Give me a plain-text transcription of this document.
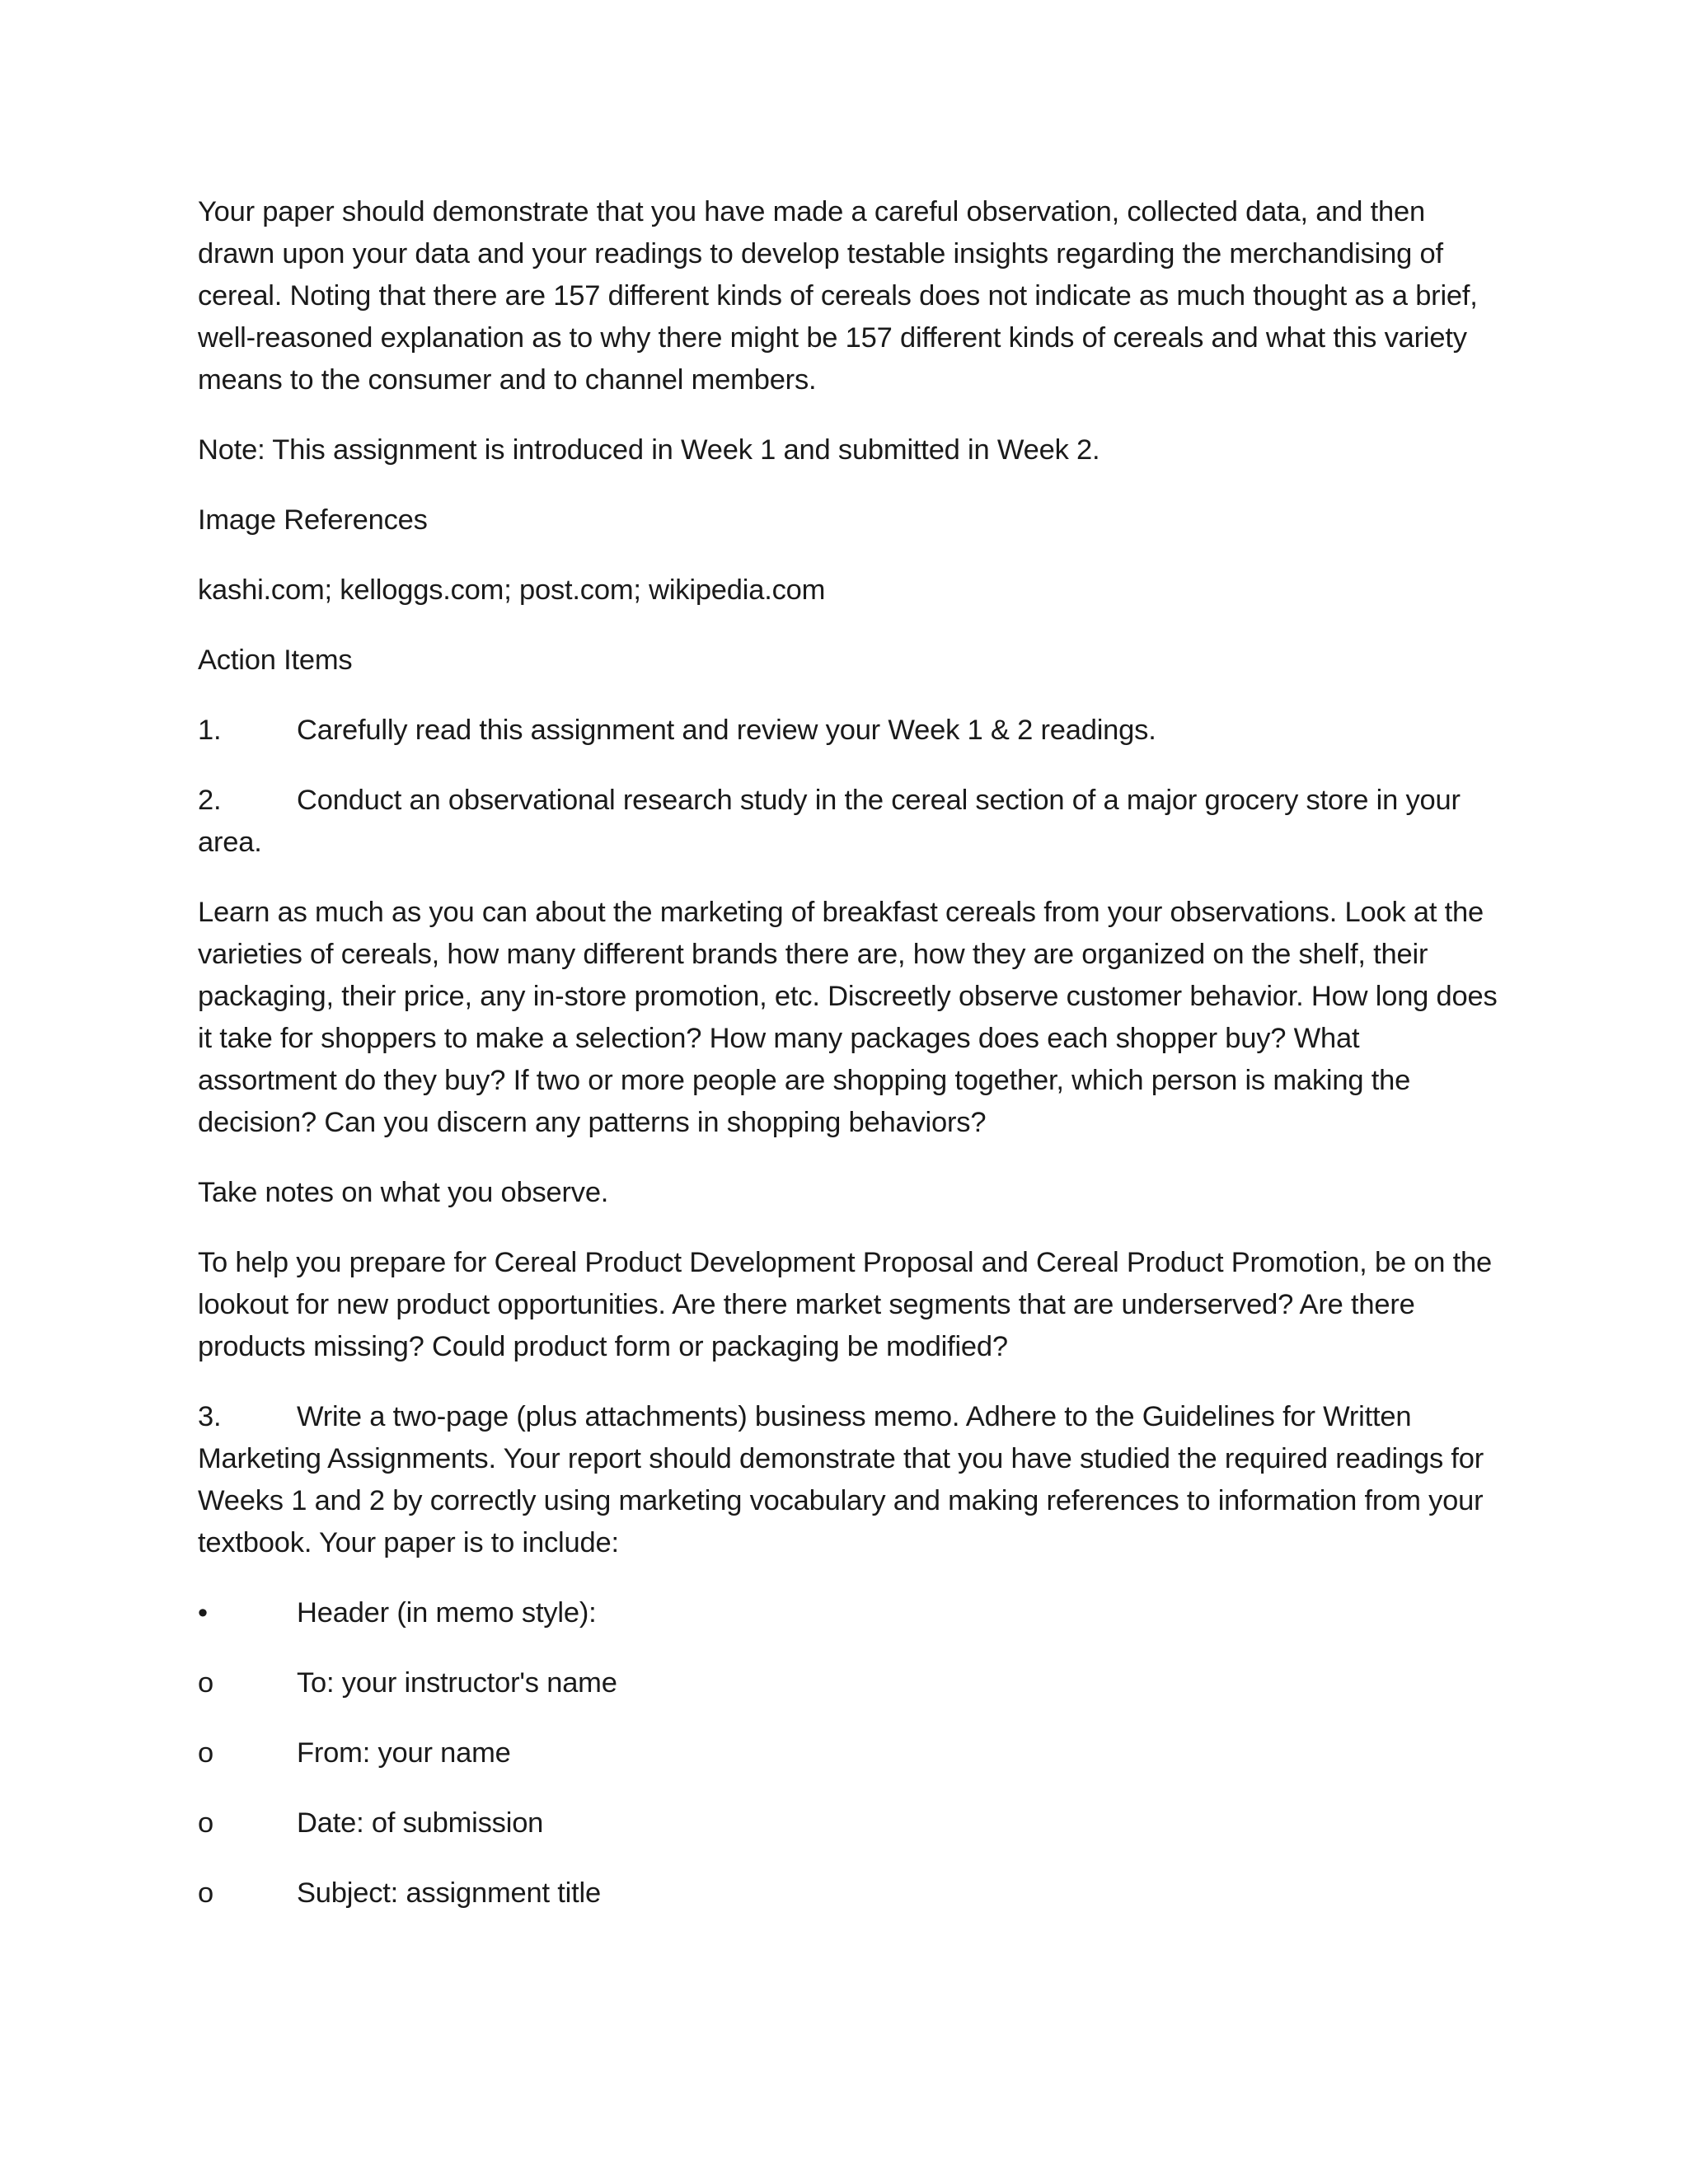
Your paper should demonstrate that you have made a careful observation, collected data, and then drawn upon your data and your readings to develop testable insights regarding the merchandising of cereal. Noting that there are 157 different kinds of cereals does not indicate as much thought as a brief, well-reasoned explanation as to why there might be 157 different kinds of cereals and what this variety means to the consumer and to channel members.

Note: This assignment is introduced in Week 1 and submitted in Week 2.

Image References

kashi.com; kelloggs.com; post.com; wikipedia.com

Action Items

1.	Carefully read this assignment and review your Week 1 & 2 readings.
2.	Conduct an observational research study in the cereal section of a major grocery store in your area.

Learn as much as you can about the marketing of breakfast cereals from your observations. Look at the varieties of cereals, how many different brands there are, how they are organized on the shelf, their packaging, their price, any in-store promotion, etc. Discreetly observe customer behavior. How long does it take for shoppers to make a selection? How many packages does each shopper buy? What assortment do they buy? If two or more people are shopping together, which person is making the decision? Can you discern any patterns in shopping behaviors?

Take notes on what you observe.

To help you prepare for Cereal Product Development Proposal and Cereal Product Promotion, be on the lookout for new product opportunities. Are there market segments that are underserved? Are there products missing? Could product form or packaging be modified?

3.	Write a two-page (plus attachments) business memo. Adhere to the Guidelines for Written Marketing Assignments. Your report should demonstrate that you have studied the required readings for Weeks 1 and 2 by correctly using marketing vocabulary and making references to information from your textbook. Your paper is to include:
•	Header (in memo style):
o	To: your instructor's name
o	From: your name
o	Date: of submission
o	Subject: assignment title
